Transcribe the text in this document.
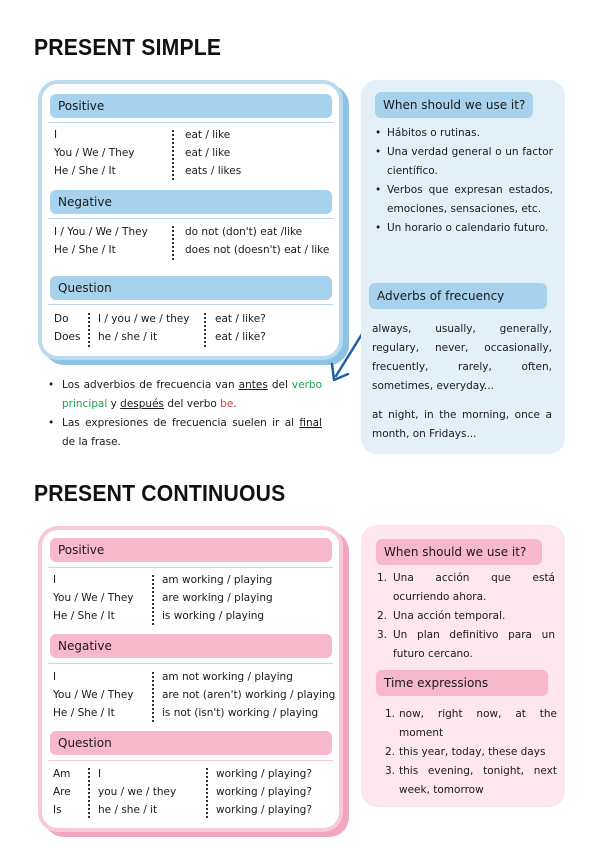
PRESENT SIMPLE
Positive
I
You / We / They
He / She / It
eat / like
eat / like
eats / likes
Negative
I / You / We / They
He / She / It
do not (don't) eat /like
does not (doesn't) eat / like
Question
Do
Does
I / you / we / they
he / she / it
eat / like?
eat / like?
• Los adverbios de frecuencia van antes del verbo principal y después del verbo be.
• Las expresiones de frecuencia suelen ir al final de la frase.
When should we use it?
• Hábitos o rutinas.
• Una verdad general o un factor científico.
• Verbos que expresan estados, emociones, sensaciones, etc.
• Un horario o calendario futuro.
Adverbs of frecuency
always, usually, generally, regulary, never, occasionally, frecuently, rarely, often, sometimes, everyday...
at night, in the morning, once a month, on Fridays...
PRESENT CONTINUOUS
Positive
I
You / We / They
He / She / It
am working / playing
are working / playing
is working / playing
Negative
I
You / We / They
He / She / It
am not working / playing
are not (aren't) working / playing
is not (isn't) working / playing
Question
Am
Are
Is
I
you / we / they
he / she / it
working / playing?
working / playing?
working / playing?
When should we use it?
1. Una acción que está ocurriendo ahora.
2. Una acción temporal.
3. Un plan definitivo para un futuro cercano.
Time expressions
1. now, right now, at the moment
2. this year, today, these days
3. this evening, tonight, next week, tomorrow
